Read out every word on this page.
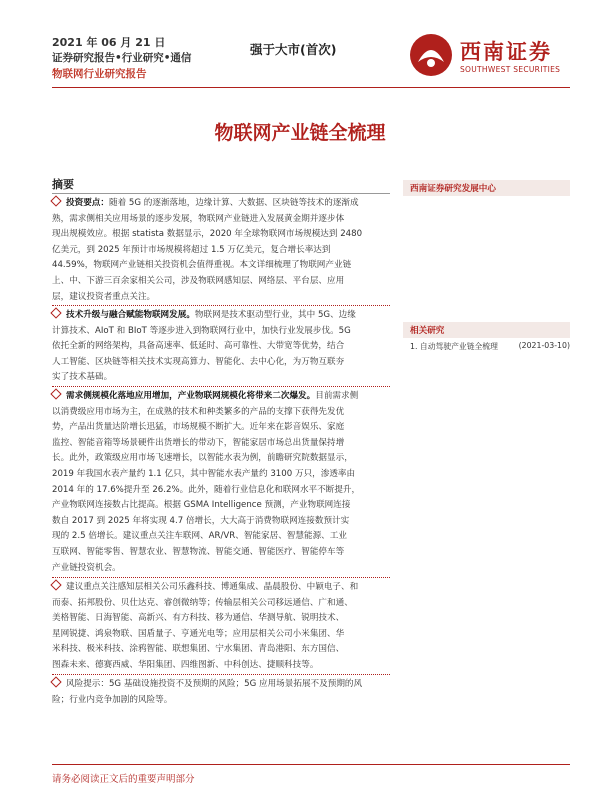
2021 年 06 月 21 日
证券研究报告•行业研究•通信
物联网行业研究报告
强于大市(首次)	西南证券
SOUTHWEST SECURITIES
物联网产业链全梳理
摘要
投资要点：随着 5G 的逐渐落地，边缘计算、大数据、区块链等技术的逐渐成
熟，需求侧相关应用场景的逐步发展，物联网产业链进入发展黄金期并逐步体
现出规模效应。根据 statista 数据显示，2020 年全球物联网市场规模达到 2480
亿美元，到 2025 年预计市场规模将超过 1.5 万亿美元，复合增长率达到
44.59%，物联网产业链相关投资机会值得重视。本文详细梳理了物联网产业链
上、中、下游三百余家相关公司，涉及物联网感知层、网络层、平台层、应用
层，建议投资者重点关注。
技术升级与融合赋能物联网发展。物联网是技术驱动型行业，其中 5G、边缘
计算技术、AIoT 和 BIoT 等逐步进入到物联网行业中，加快行业发展步伐。5G
依托全新的网络架构，具备高速率、低延时、高可靠性、大带宽等优势，结合
人工智能、区块链等相关技术实现高算力、智能化、去中心化，为万物互联夯
实了技术基础。
需求侧规模化落地应用增加，产业物联网规模化将带来二次爆发。目前需求侧
以消费级应用市场为主，在成熟的技术和种类繁多的产品的支撑下获得先发优
势，产品出货量达阶增长迅猛，市场规模不断扩大。近年来在影音娱乐、家庭
监控、智能音箱等场景硬件出货增长的带动下，智能家居市场总出货量保持增
长。此外，政策级应用市场飞速增长，以智能水表为例，前瞻研究院数据显示，
2019 年我国水表产量约 1.1 亿只，其中智能水表产量约 3100 万只，渗透率由
2014 年的 17.6%提升至 26.2%。此外，随着行业信息化和联网水平不断提升，
产业物联网连接数占比提高。根据 GSMA Intelligence 预测，产业物联网连接
数自 2017 到 2025 年将实现 4.7 倍增长，大大高于消费物联网连接数预计实
现的 2.5 倍增长。建议重点关注车联网、AR/VR、智能家居、智慧能源、工业
互联网、智能零售、智慧农业、智慧物流、智能交通、智能医疗、智能停车等
产业链投资机会。
建议重点关注感知层相关公司乐鑫科技、博通集成、晶晨股份、中颖电子、和
而泰、拓邦股份、贝仕达克、睿创微纳等；传输层相关公司移远通信、广和通、
美格智能、日海智能、高新兴、有方科技、移为通信、华测导航、锐明技术、
星网锐捷、鸿泉物联、国盾量子、亨通光电等；应用层相关公司小米集团、华
米科技、极米科技、涂鸦智能、联想集团、宁水集团、青岛港阳、东方国信、
图森未来、德赛西威、华阳集团、四维图新、中科创达、捷顺科技等。
风险提示：5G 基础设施投资不及预期的风险；5G 应用场景拓展不及预期的风
险；行业内竞争加剧的风险等。
西南证券研究发展中心
相关研究
1. 自动驾驶产业链全梳理	(2021-03-10)
请务必阅读正文后的重要声明部分
